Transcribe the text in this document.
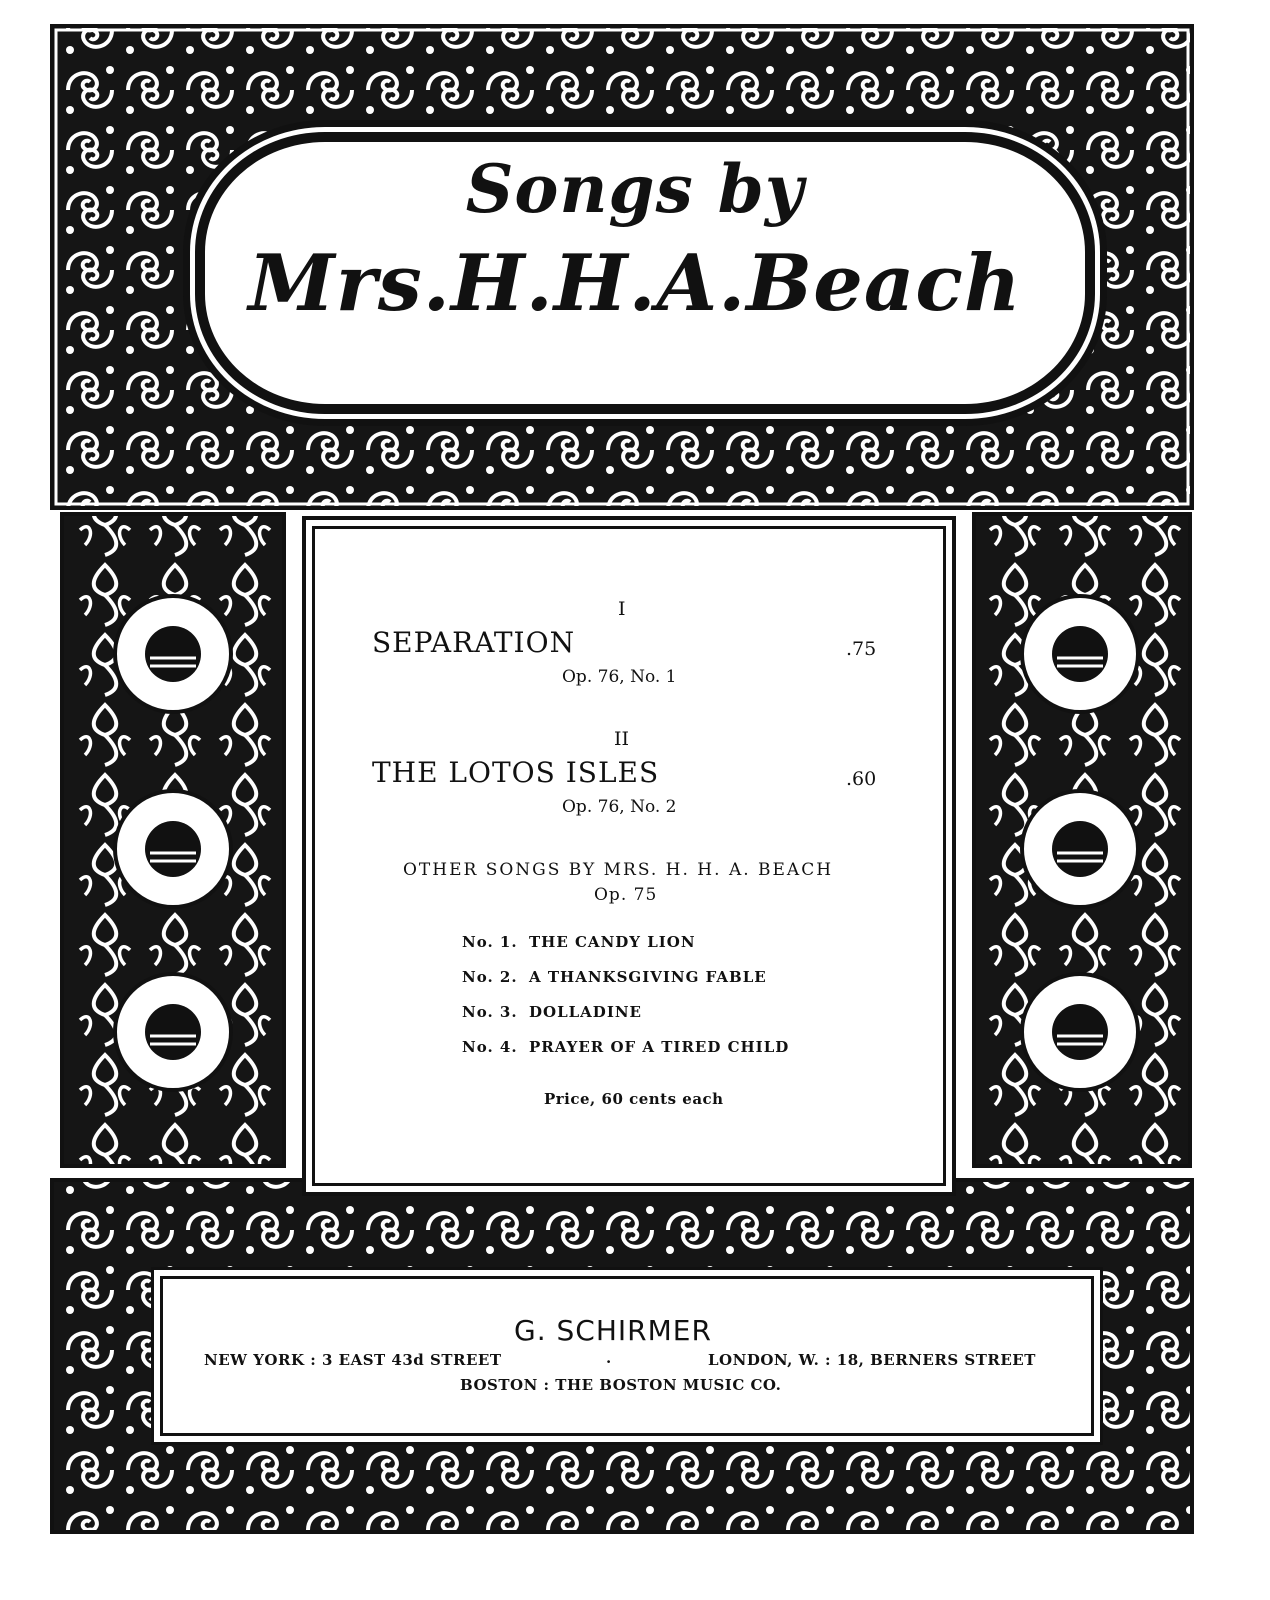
Songs by
Mrs.H.H.A.Beach
I
SEPARATION	.75
Op. 76, No. 1
II
THE LOTOS ISLES	.60
Op. 76, No. 2
OTHER SONGS BY MRS. H. H. A. BEACH
Op. 75
No. 1. THE CANDY LION
No. 2. A THANKSGIVING FABLE
No. 3. DOLLADINE
No. 4. PRAYER OF A TIRED CHILD
Price, 60 cents each
G. SCHIRMER
NEW YORK : 3 EAST 43d STREET	.	LONDON, W. : 18, BERNERS STREET
BOSTON : THE BOSTON MUSIC CO.
